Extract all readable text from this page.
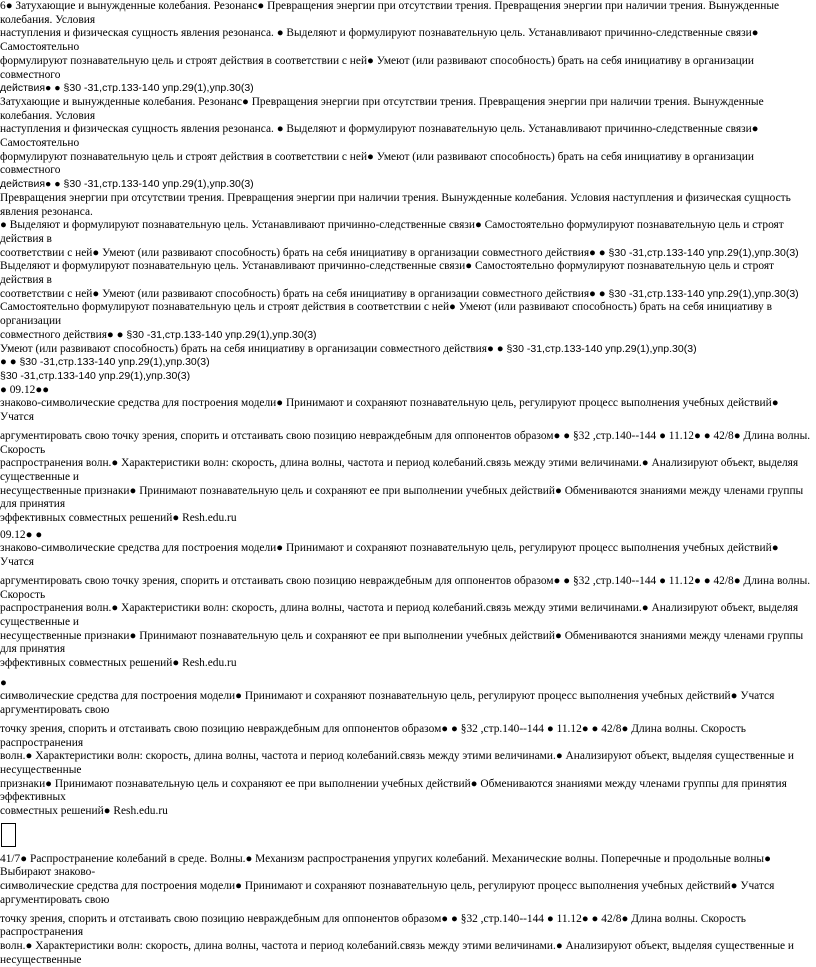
6● Затухающие и вынужденные колебания. Резонанс● Превращения энергии при отсутствии трения. Превращения энергии при наличии трения. Вынужденные колебания. Условия

наступления и физическая сущность явления резонанса. ● Выделяют и формулируют познавательную цель. Устанавливают причинно-следственные связи● Самостоятельно

формулируют познавательную цель и строят действия в соответствии с ней● Умеют (или развивают способность) брать на себя инициативу в организации совместного

действия● ● §30 -31,стр.133-140 упр.29(1),упр.30(3)

Затухающие и вынужденные колебания. Резонанс● Превращения энергии при отсутствии трения. Превращения энергии при наличии трения. Вынужденные колебания. Условия

наступления и физическая сущность явления резонанса. ● Выделяют и формулируют познавательную цель. Устанавливают причинно-следственные связи● Самостоятельно

формулируют познавательную цель и строят действия в соответствии с ней● Умеют (или развивают способность) брать на себя инициативу в организации совместного

действия● ● §30 -31,стр.133-140 упр.29(1),упр.30(3)

Превращения энергии при отсутствии трения. Превращения энергии при наличии трения. Вынужденные колебания. Условия наступления и физическая сущность явления резонанса.

● Выделяют и формулируют познавательную цель. Устанавливают причинно-следственные связи● Самостоятельно формулируют познавательную цель и строят действия в

соответствии с ней● Умеют (или развивают способность) брать на себя инициативу в организации совместного действия● ● §30 -31,стр.133-140 упр.29(1),упр.30(3)

Выделяют и формулируют познавательную цель. Устанавливают причинно-следственные связи● Самостоятельно формулируют познавательную цель и строят действия в

соответствии с ней● Умеют (или развивают способность) брать на себя инициативу в организации совместного действия● ● §30 -31,стр.133-140 упр.29(1),упр.30(3)

Самостоятельно формулируют познавательную цель и строят действия в соответствии с ней● Умеют (или развивают способность) брать на себя инициативу в организации

совместного действия● ● §30 -31,стр.133-140 упр.29(1),упр.30(3)

Умеют (или развивают способность) брать на себя инициативу в организации совместного действия● ● §30 -31,стр.133-140 упр.29(1),упр.30(3)

● ● §30 -31,стр.133-140 упр.29(1),упр.30(3)

§30 -31,стр.133-140 упр.29(1),упр.30(3)

● 09.12●●

знаково-символические средства для построения модели● Принимают и сохраняют познавательную цель, регулируют процесс выполнения учебных действий● Учатся

аргументировать свою точку зрения, спорить и отстаивать свою позицию невраждебным для оппонентов образом● ● §32 ,стр.140--144 ● 11.12● ● 42/8● Длина волны. Скорость

распространения волн.● Характеристики волн: скорость, длина волны, частота и период колебаний.связь между этими величинами.● Анализируют объект, выделяя существенные и

несущественные признаки● Принимают познавательную цель и сохраняют ее при выполнении учебных действий● Обмениваются знаниями между членами группы для принятия

эффективных совместных решений● Resh.edu.ru

09.12● ●

знаково-символические средства для построения модели● Принимают и сохраняют познавательную цель, регулируют процесс выполнения учебных действий● Учатся

аргументировать свою точку зрения, спорить и отстаивать свою позицию невраждебным для оппонентов образом● ● §32 ,стр.140--144 ● 11.12● ● 42/8● Длина волны. Скорость

распространения волн.● Характеристики волн: скорость, длина волны, частота и период колебаний.связь между этими величинами.● Анализируют объект, выделяя существенные и

несущественные признаки● Принимают познавательную цель и сохраняют ее при выполнении учебных действий● Обмениваются знаниями между членами группы для принятия

эффективных совместных решений● Resh.edu.ru

●

символические средства для построения модели● Принимают и сохраняют познавательную цель, регулируют процесс выполнения учебных действий● Учатся аргументировать свою

точку зрения, спорить и отстаивать свою позицию невраждебным для оппонентов образом● ● §32 ,стр.140--144 ● 11.12● ● 42/8● Длина волны. Скорость распространения

волн.● Характеристики волн: скорость, длина волны, частота и период колебаний.связь между этими величинами.● Анализируют объект, выделяя существенные и несущественные

признаки● Принимают познавательную цель и сохраняют ее при выполнении учебных действий● Обмениваются знаниями между членами группы для принятия эффективных

совместных решений● Resh.edu.ru

41/7● Распространение колебаний в среде. Волны.● Механизм распространения упругих колебаний. Механические волны. Поперечные и продольные волны● Выбирают знаково-

символические средства для построения модели● Принимают и сохраняют познавательную цель, регулируют процесс выполнения учебных действий● Учатся аргументировать свою

точку зрения, спорить и отстаивать свою позицию невраждебным для оппонентов образом● ● §32 ,стр.140--144 ● 11.12● ● 42/8● Длина волны. Скорость распространения

волн.● Характеристики волн: скорость, длина волны, частота и период колебаний.связь между этими величинами.● Анализируют объект, выделяя существенные и несущественные
